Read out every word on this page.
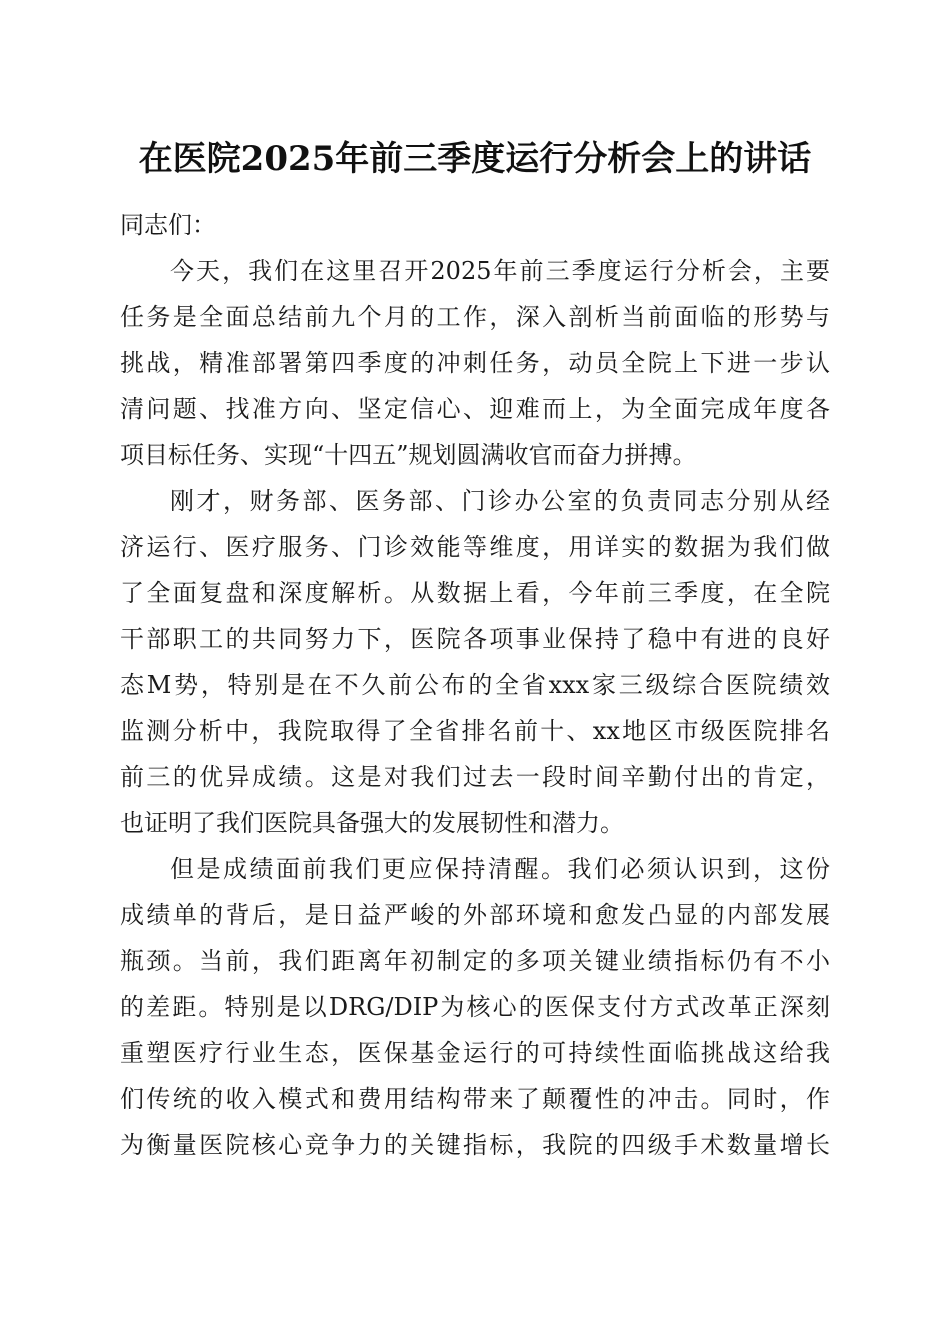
在医院2025年前三季度运行分析会上的讲话
同志们：
今天，我们在这里召开2025年前三季度运行分析会，主要
任务是全面总结前九个月的工作，深入剖析当前面临的形势与
挑战，精准部署第四季度的冲刺任务，动员全院上下进一步认
清问题、找准方向、坚定信心、迎难而上，为全面完成年度各
项目标任务、实现“十四五”规划圆满收官而奋力拼搏。
刚才，财务部、医务部、门诊办公室的负责同志分别从经
济运行、医疗服务、门诊效能等维度，用详实的数据为我们做
了全面复盘和深度解析。从数据上看，今年前三季度，在全院
干部职工的共同努力下，医院各项事业保持了稳中有进的良好
态M势，特别是在不久前公布的全省xxx家三级综合医院绩效
监测分析中，我院取得了全省排名前十、xx地区市级医院排名
前三的优异成绩。这是对我们过去一段时间辛勤付出的肯定，
也证明了我们医院具备强大的发展韧性和潜力。
但是成绩面前我们更应保持清醒。我们必须认识到，这份
成绩单的背后，是日益严峻的外部环境和愈发凸显的内部发展
瓶颈。当前，我们距离年初制定的多项关键业绩指标仍有不小
的差距。特别是以DRG/DIP为核心的医保支付方式改革正深刻
重塑医疗行业生态，医保基金运行的可持续性面临挑战这给我
们传统的收入模式和费用结构带来了颠覆性的冲击。同时，作
为衡量医院核心竞争力的关键指标，我院的四级手术数量增长
